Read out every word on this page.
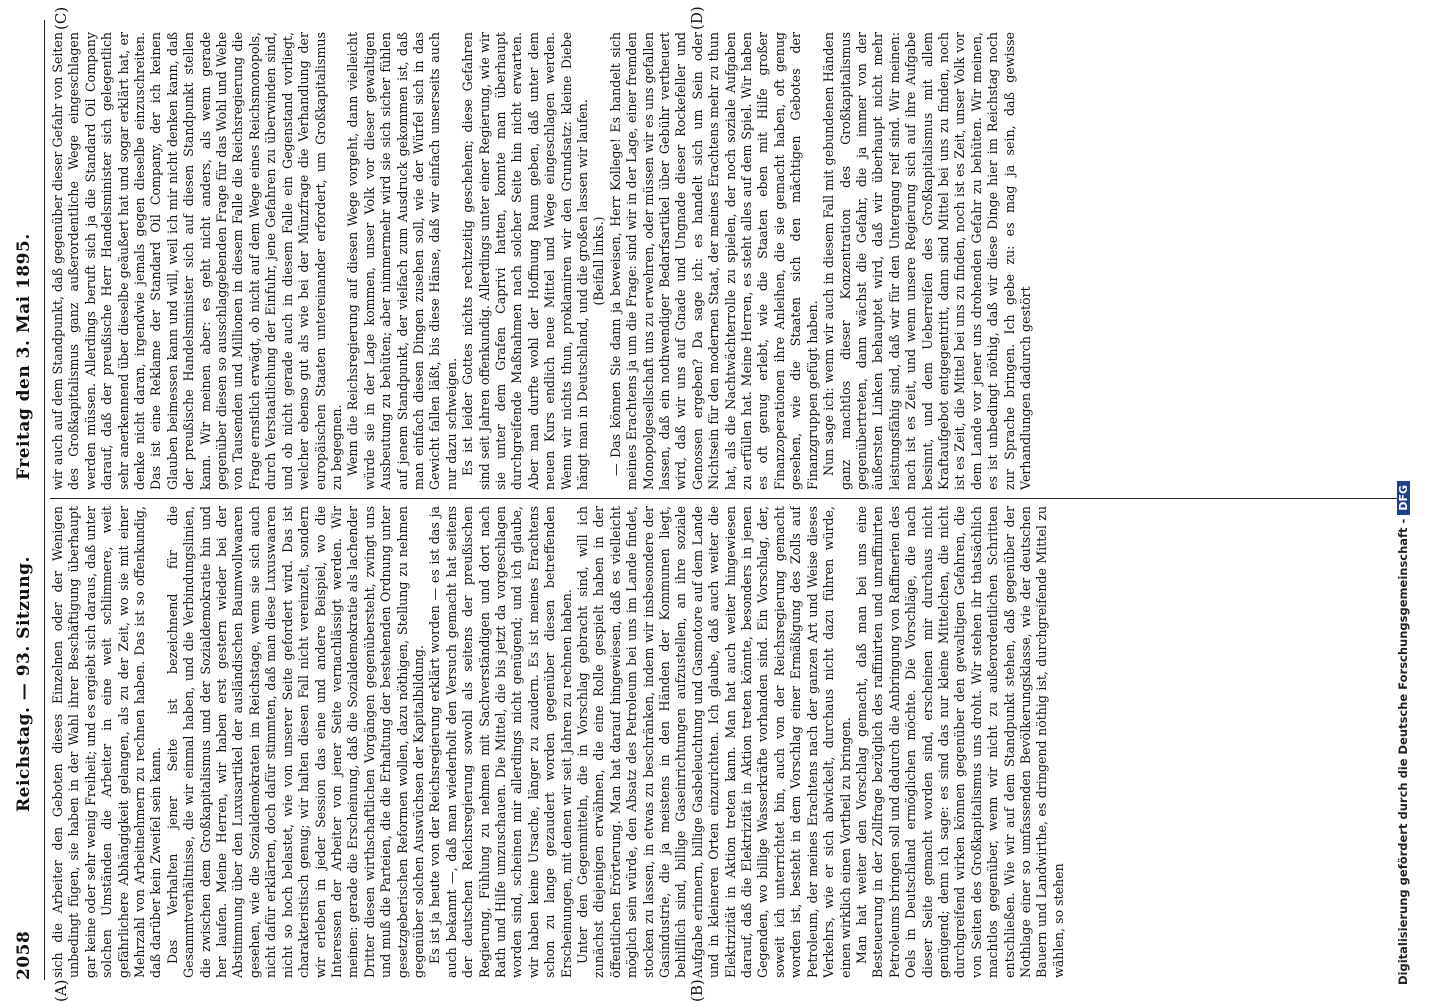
2058
Reichstag. — 93. Sitzung.
Freitag den 3. Mai 1895.
(A)	(B)
(C)	(D)

sich die Arbeiter den Geboten dieses Einzelnen oder der Wenigen unbedingt fügen, sie haben in der Wahl ihrer Beschäftigung überhaupt gar keine oder sehr wenig Freiheit; und es ergiebt sich daraus, daß unter solchen Umständen die Arbeiter in eine weit schlimmere, weit gefährlichere Abhängigkeit gelangen, als zu der Zeit, wo sie mit einer Mehrzahl von Arbeitnehmern zu rechnen haben. Das ist so offenkundig, daß darüber kein Zweifel sein kann. Das Verhalten jener Seite ist bezeichnend für die Gesammtverhältnisse, die wir einmal haben, und die Verbindungslinien, die zwischen dem Großkapitalismus und der Sozialdemokratie hin und her laufen. Meine Herren, wir haben erst gestern wieder bei der Abstimmung über den Luxusartikel der ausländischen Baumwollwaaren gesehen, wie die Sozialdemokraten im Reichstage, wenn sie sich auch nicht dafür erklärten, doch dafür stimmten, daß man diese Luxuswaaren nicht so hoch belastet, wie von unserer Seite gefordert wird. Das ist charakteristisch genug; wir halten diesen Fall nicht vereinzelt, sondern wir erleben in jeder Session das eine und andere Beispiel, wo die Interessen der Arbeiter von jener Seite vernachlässigt werden. Wir meinen: gerade die Erscheinung, daß die Sozialdemokratie als lachender Dritter diesen wirthschaftlichen Vorgängen gegenübersteht, zwingt uns und muß die Parteien, die die Erhaltung der bestehenden Ordnung unter gesetzgeberischen Reformen wollen, dazu nöthigen, Stellung zu nehmen gegenüber solchen Auswüchsen der Kapitalbildung. Es ist ja heute von der Reichsregierung erklärt worden — es ist das ja auch bekannt —, daß man wiederholt den Versuch gemacht hat seitens der deutschen Reichsregierung sowohl als seitens der preußischen Regierung, Fühlung zu nehmen mit Sachverständigen und dort nach Rath und Hilfe umzuschauen. Die Mittel, die bis jetzt da vorgeschlagen worden sind, scheinen mir allerdings nicht genügend; und ich glaube, wir haben keine Ursache, länger zu zaudern. Es ist meines Erachtens schon zu lange gezaudert worden gegenüber diesen betreffenden Erscheinungen, mit denen wir seit Jahren zu rechnen haben. Unter den Gegenmitteln, die in Vorschlag gebracht sind, will ich zunächst diejenigen erwähnen, die eine Rolle gespielt haben in der öffentlichen Erörterung. Man hat darauf hingewiesen, daß es vielleicht möglich sein würde, den Absatz des Petroleum bei uns im Lande findet, stocken zu lassen, in etwas zu beschränken, indem wir insbesondere der Gasindustrie, die ja meistens in den Händen der Kommunen liegt, behilflich sind, billige Gaseinrichtungen aufzustellen, an ihre soziale Aufgabe erinnern, billige Gasbeleuchtung und Gasmotore auf dem Lande und in kleineren Orten einzurichten. Ich glaube, daß auch weiter die Elektrizität in Aktion treten kann. Man hat auch weiter hingewiesen darauf, daß die Elektrizität in Aktion treten könnte, besonders in jenen Gegenden, wo billige Wasserkräfte vorhanden sind. Ein Vorschlag, der, soweit ich unterrichtet bin, auch von der Reichsregierung gemacht worden ist, besteht in dem Vorschlag einer Ermäßigung des Zolls auf Petroleum, der meines Erachtens nach der ganzen Art und Weise dieses Verkehrs, wie er sich abwickelt, durchaus nicht dazu führen würde, einen wirklich einen Vortheil zu bringen. Man hat weiter den Vorschlag gemacht, daß man bei uns eine Besteuerung in der Zollfrage bezüglich des raffinirten und unraffinirten Petroleums bringen soll und dadurch die Anbringung von Raffinerien des Oels in Deutschland ermöglichen möchte. Die Vorschläge, die nach dieser Seite gemacht worden sind, erscheinen mir durchaus nicht genügend; denn ich sage: es sind das nur kleine Mittelchen, die nicht durchgreifend wirken können gegenüber den gewaltigen Gefahren, die von Seiten des Großkapitalismus uns droht. Wir stehen ihr thatsächlich machtlos gegenüber, wenn wir nicht zu außerordentlichen Schritten entschließen. Wie wir auf dem Standpunkt stehen, daß gegenüber der Nothlage einer so umfassenden Bevölkerungsklasse, wie der deutschen Bauern und Landwirthe, es dringend nöthig ist, durchgreifende Mittel zu wählen, so stehen

wir auch auf dem Standpunkt, daß gegenüber dieser Gefahr von Seiten des Großkapitalismus ganz außerordentliche Wege eingeschlagen werden müssen. Allerdings beruft sich ja die Standard Oil Company darauf, daß der preußische Herr Handelsminister sich gelegentlich sehr anerkennend über dieselbe geäußert hat und sogar erklärt hat, er denke nicht daran, irgendwie jemals gegen dieselbe einzuschreiten. Das ist eine Reklame der Standard Oil Company, der ich keinen Glauben beimessen kann und will, weil ich mir nicht denken kann, daß der preußische Handelsminister sich auf diesen Standpunkt stellen kann. Wir meinen aber: es geht nicht anders, als wenn gerade gegenüber diesen so ausschlaggebenden Frage für das Wohl und Wehe von Tausenden und Millionen in diesem Falle die Reichsregierung die Frage ernstlich erwägt, ob nicht auf dem Wege eines Reichsmonopols, durch Verstaatlichung der Einfuhr, jene Gefahren zu überwinden sind, und ob nicht gerade auch in diesem Falle ein Gegenstand vorliegt, welcher ebenso gut als wie bei der Münzfrage die Verhandlung der europäischen Staaten untereinander erfordert, um Großkapitalismus zu begegnen. Wenn die Reichsregierung auf diesen Wege vorgeht, dann vielleicht würde sie in der Lage kommen, unser Volk vor dieser gewaltigen Ausbeutung zu behüten; aber nimmermehr wird sie sich sicher fühlen auf jenem Standpunkt, der vielfach zum Ausdruck gekommen ist, daß man einfach diesen Dingen zusehen soll, wie der Würfel sich in das Gewicht fallen läßt, bis diese Hänse, daß wir einfach unserseits auch nur dazu schweigen. Es ist leider Gottes nichts rechtzeitig geschehen; diese Gefahren sind seit Jahren offenkundig. Allerdings unter einer Regierung, wie wir sie unter dem Grafen Caprivi hatten, konnte man überhaupt durchgreifende Maßnahmen nach solcher Seite hin nicht erwarten. Aber man durfte wohl der Hoffnung Raum geben, daß unter dem neuen Kurs endlich neue Mittel und Wege eingeschlagen werden. Wenn wir nichts thun, proklamiren wir den Grundsatz: kleine Diebe hängt man in Deutschland, und die großen lassen wir laufen. (Beifall links.) — Das können Sie dann ja beweisen, Herr Kollege! Es handelt sich meines Erachtens ja um die Frage: sind wir in der Lage, einer fremden Monopolgesellschaft uns zu erwehren, oder müssen wir es uns gefallen lassen, daß ein nothwendiger Bedarfsartikel über Gebühr vertheuert wird, daß wir uns auf Gnade und Ungnade dieser Rockefeller und Genossen ergeben? Da sage ich: es handelt sich um Sein oder Nichtsein für den modernen Staat, der meines Erachtens mehr zu thun hat, als die Nachtwächterrolle zu spielen, der noch soziale Aufgaben zu erfüllen hat. Meine Herren, es steht alles auf dem Spiel. Wir haben es oft genug erlebt, wie die Staaten eben mit Hilfe großer Finanzoperationen ihre Anleihen, die sie gemacht haben, oft genug gesehen, wie die Staaten sich den mächtigen Gebotes der Finanzgruppen gefügt haben. Nun sage ich: wenn wir auch in diesem Fall mit gebundenen Händen ganz machtlos dieser Konzentration des Großkapitalismus gegenübertreten, dann wächst die Gefahr, die ja immer von der äußersten Linken behauptet wird, daß wir überhaupt nicht mehr leistungsfähig sind, daß wir für den Untergang reif sind. Wir meinen: nach ist es Zeit, und wenn unsere Regierung sich auf ihre Aufgabe besinnt, und dem Ueberreifen des Großkapitalismus mit allem Kraftaufgebot entgegentritt, dann sind Mittel bei uns zu finden, noch ist es Zeit, die Mittel bei uns zu finden, noch ist es Zeit, unser Volk vor dem Lande vor jener uns drohenden Gefahr zu behüten. Wir meinen, es ist unbedingt nöthig, daß wir diese Dinge hier im Reichstag noch zur Sprache bringen. Ich gebe zu: es mag ja sein, daß gewisse Verhandlungen dadurch gestört

Digitalisierung gefördert durch die Deutsche Forschungsgemeinschaft -DFG
